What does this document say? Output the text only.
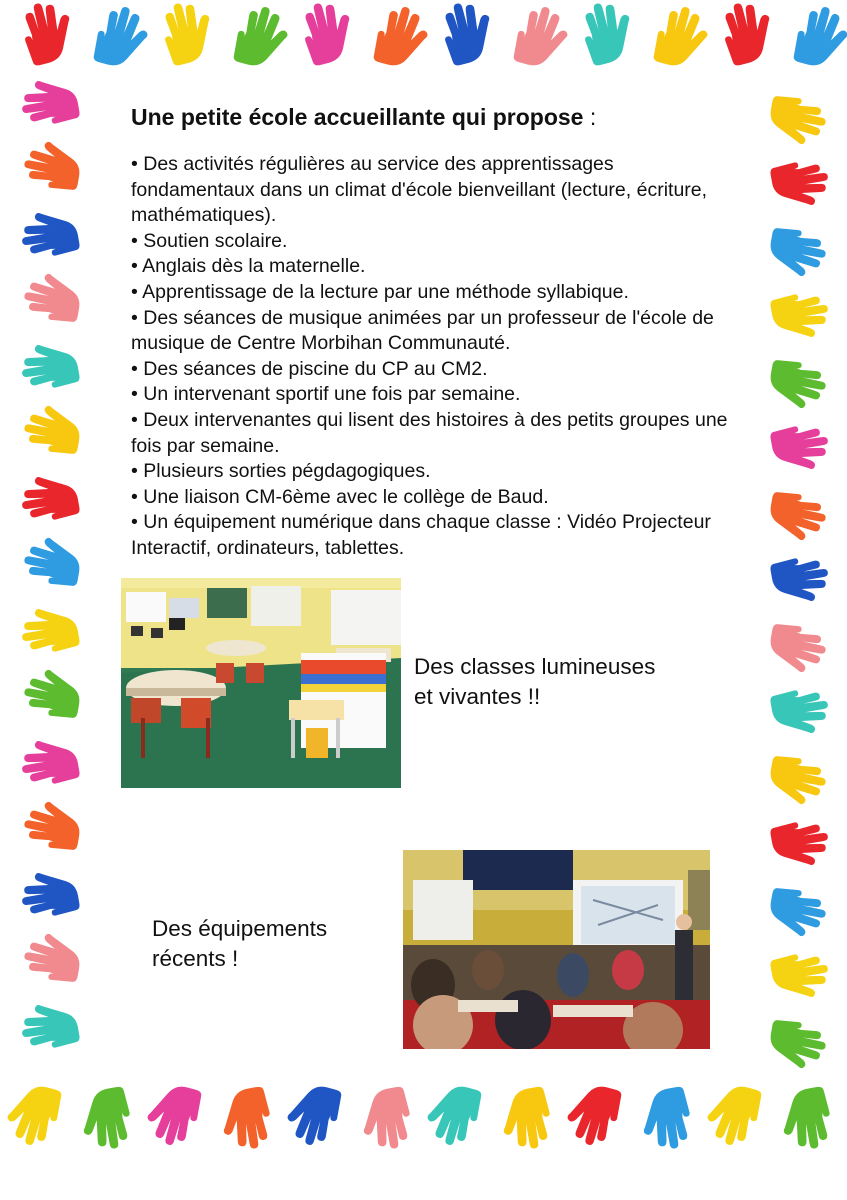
Une petite école accueillante qui propose :
• Des activités régulières au service des apprentissages fondamentaux dans un climat d'école bienveillant (lecture, écriture, mathématiques).
• Soutien scolaire.
• Anglais dès la maternelle.
• Apprentissage de la lecture par une méthode syllabique.
• Des séances de musique animées par un professeur de l'école de musique de Centre Morbihan Communauté.
• Des séances de piscine du CP au CM2.
• Un intervenant sportif une fois par semaine.
• Deux intervenantes qui lisent des histoires à des petits groupes une fois par semaine.
• Plusieurs sorties pégdagogiques.
• Une liaison CM-6ème avec le collège de Baud.
• Un équipement numérique dans chaque classe : Vidéo Projecteur Interactif, ordinateurs, tablettes.
Des classes lumineuses
et vivantes !!
Des équipements
récents !
